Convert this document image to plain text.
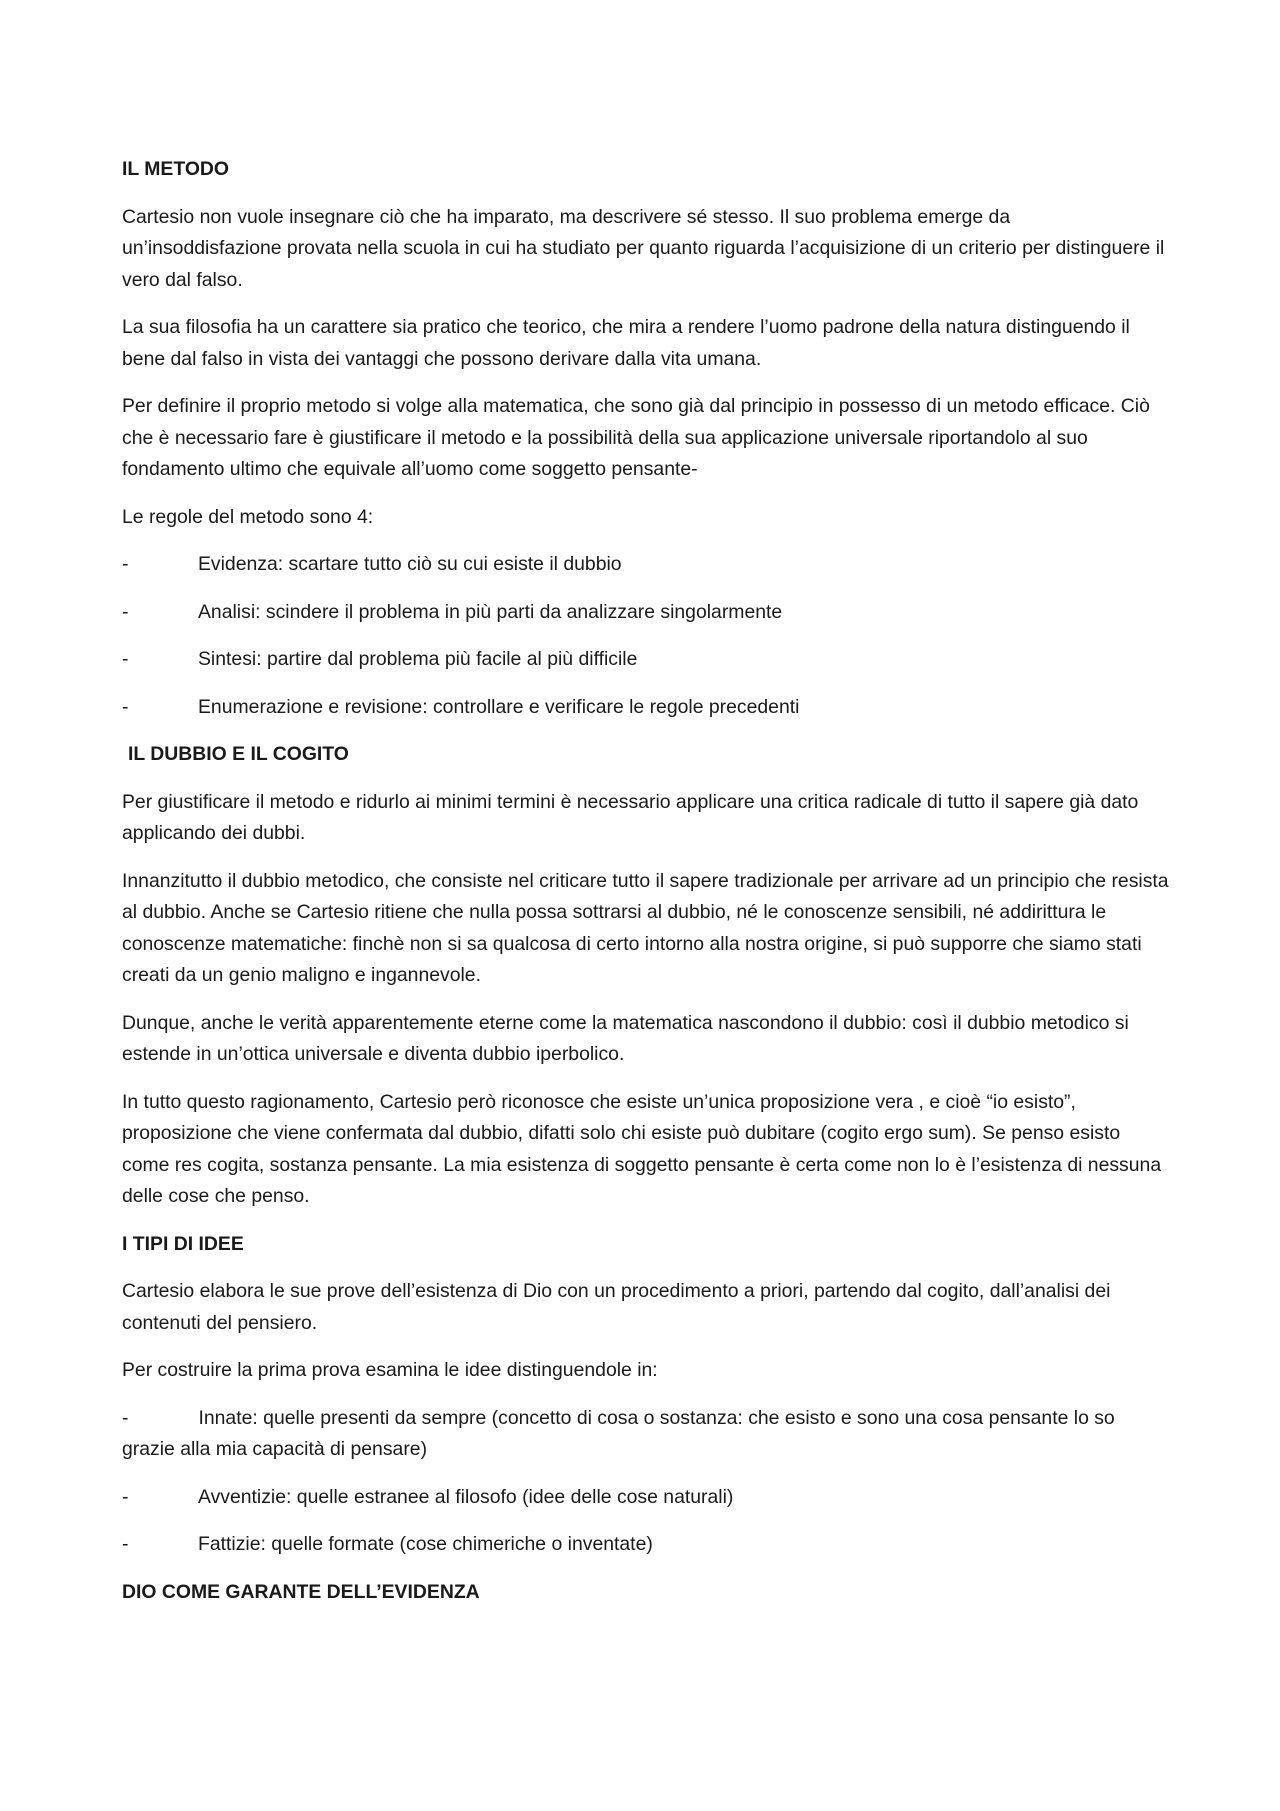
IL METODO
Cartesio non vuole insegnare ciò che ha imparato, ma descrivere sé stesso. Il suo problema emerge da un’insoddisfazione provata nella scuola in cui ha studiato per quanto riguarda l’acquisizione di un criterio per distinguere il vero dal falso.
La sua filosofia ha un carattere sia pratico che teorico, che mira a rendere l’uomo padrone della natura distinguendo il bene dal falso in vista dei vantaggi che possono derivare dalla vita umana.
Per definire il proprio metodo si volge alla matematica, che sono già dal principio in possesso di un metodo efficace. Ciò che è necessario fare è giustificare il metodo e la possibilità della sua applicazione universale riportandolo al suo fondamento ultimo che equivale all’uomo come soggetto pensante-
Le regole del metodo sono 4:
-	Evidenza: scartare tutto ciò su cui esiste il dubbio
-	Analisi: scindere il problema in più parti da analizzare singolarmente
-	Sintesi: partire dal problema più facile al più difficile
-	Enumerazione e revisione: controllare e verificare le regole precedenti
IL DUBBIO E IL COGITO
Per giustificare il metodo e ridurlo ai minimi termini è necessario applicare una critica radicale di tutto il sapere già dato applicando dei dubbi.
Innanzitutto il dubbio metodico, che consiste nel criticare tutto il sapere tradizionale per arrivare ad un principio che resista al dubbio. Anche se Cartesio ritiene che nulla possa sottrarsi al dubbio, né le conoscenze sensibili, né addirittura le conoscenze matematiche: finchè non si sa qualcosa di certo intorno alla nostra origine, si può supporre che siamo stati creati da un genio maligno e ingannevole.
Dunque, anche le verità apparentemente eterne come la matematica nascondono il dubbio: così il dubbio metodico si estende in un’ottica universale e diventa dubbio iperbolico.
In tutto questo ragionamento, Cartesio però riconosce che esiste un’unica proposizione vera , e cioè “io esisto”, proposizione che viene confermata dal dubbio, difatti solo chi esiste può dubitare (cogito ergo sum). Se penso esisto come res cogita, sostanza pensante. La mia esistenza di soggetto pensante è certa come non lo è l’esistenza di nessuna delle cose che penso.
I TIPI DI IDEE
Cartesio elabora le sue prove dell’esistenza di Dio con un procedimento a priori, partendo dal cogito, dall’analisi dei contenuti del pensiero.
Per costruire la prima prova esamina le idee distinguendole in:
-	Innate: quelle presenti da sempre (concetto di cosa o sostanza: che esisto e sono una cosa pensante lo so grazie alla mia capacità di pensare)
-	Avventizie: quelle estranee al filosofo (idee delle cose naturali)
-	Fattizie: quelle formate (cose chimeriche o inventate)
DIO COME GARANTE DELL’EVIDENZA
